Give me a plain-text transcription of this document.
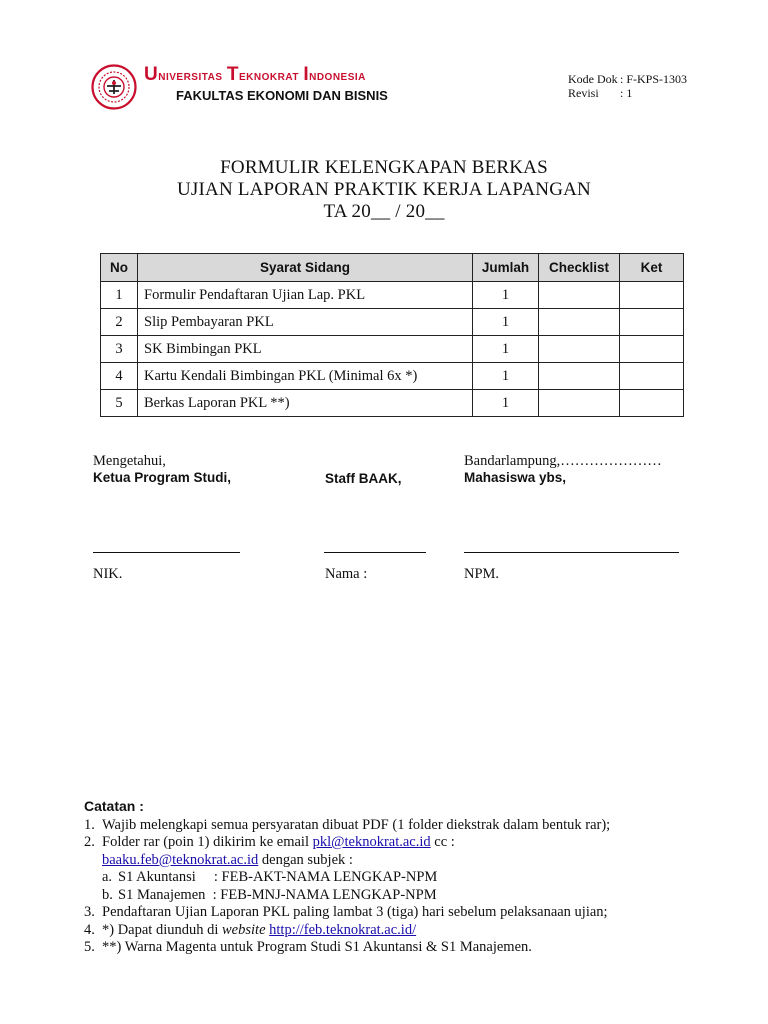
Universitas Teknokrat Indonesia
FAKULTAS EKONOMI DAN BISNIS
Kode Dok : F-KPS-1303
Revisi	: 1
FORMULIR KELENGKAPAN BERKAS
UJIAN LAPORAN PRAKTIK KERJA LAPANGAN
TA 20__ / 20__
No	Syarat Sidang	Jumlah	Checklist	Ket
1	Formulir Pendaftaran Ujian Lap. PKL	1		
2	Slip Pembayaran PKL	1		
3	SK Bimbingan PKL	1		
4	Kartu Kendali Bimbingan PKL (Minimal 6x *)	1		
5	Berkas Laporan PKL **)	1		
Mengetahui,
Ketua Program Studi,	Staff BAAK,
Bandarlampung,…………………
Mahasiswa ybs,
NIK.	Nama :	NPM.
Catatan :
1. Wajib melengkapi semua persyaratan dibuat PDF (1 folder diekstrak dalam bentuk rar);
2. Folder rar (poin 1) dikirim ke email pkl@teknokrat.ac.id cc :
baaku.feb@teknokrat.ac.id dengan subjek :
a. S1 Akuntansi     : FEB-AKT-NAMA LENGKAP-NPM
b. S1 Manajemen  : FEB-MNJ-NAMA LENGKAP-NPM
3. Pendaftaran Ujian Laporan PKL paling lambat 3 (tiga) hari sebelum pelaksanaan ujian;
4. *) Dapat diunduh di website http://feb.teknokrat.ac.id/
5. **) Warna Magenta untuk Program Studi S1 Akuntansi & S1 Manajemen.
